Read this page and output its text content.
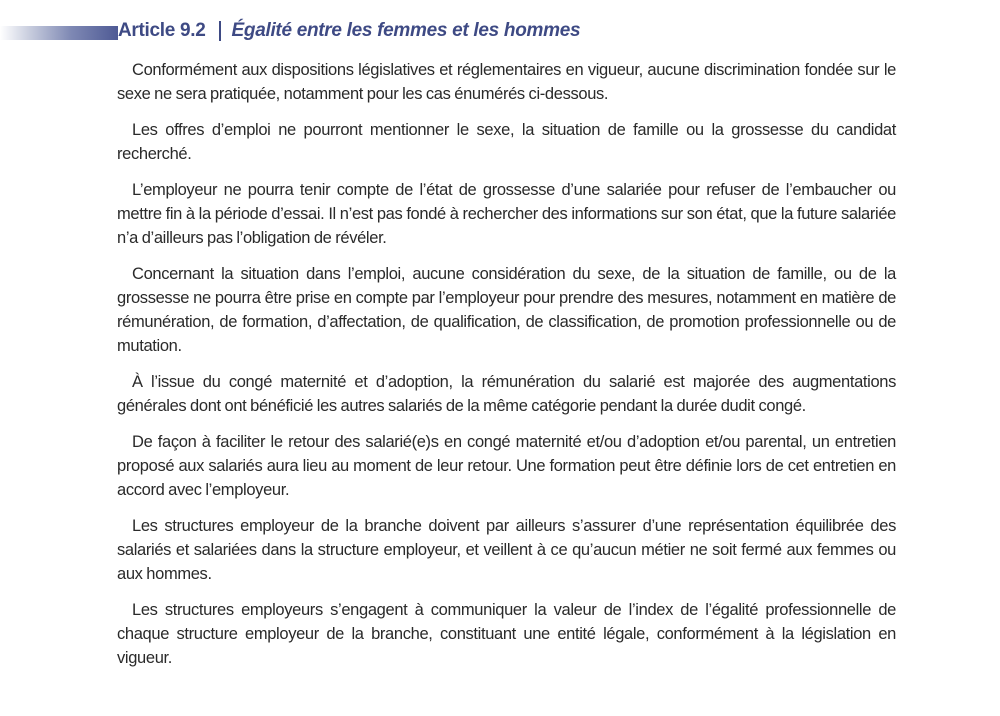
Article 9.2 Égalité entre les femmes et les hommes

Conformément aux dispositions législatives et réglementaires en vigueur, aucune discrimination fondée sur le sexe ne sera pratiquée, notamment pour les cas énumérés ci-dessous.

Les offres d’emploi ne pourront mentionner le sexe, la situation de famille ou la grossesse du candidat recherché.

L’employeur ne pourra tenir compte de l’état de grossesse d’une salariée pour refuser de l’embaucher ou mettre fin à la période d’essai. Il n’est pas fondé à rechercher des informations sur son état, que la future salariée n’a d’ailleurs pas l’obligation de révéler.

Concernant la situation dans l’emploi, aucune considération du sexe, de la situation de famille, ou de la grossesse ne pourra être prise en compte par l’employeur pour prendre des mesures, notamment en matière de rémunération, de formation, d’affectation, de qualification, de classification, de promotion professionnelle ou de mutation.

À l’issue du congé maternité et d’adoption, la rémunération du salarié est majorée des augmentations générales dont ont bénéficié les autres salariés de la même catégorie pendant la durée dudit congé.

De façon à faciliter le retour des salarié(e)s en congé maternité et/ou d’adoption et/ou parental, un entretien proposé aux salariés aura lieu au moment de leur retour. Une formation peut être définie lors de cet entretien en accord avec l’employeur.

Les structures employeur de la branche doivent par ailleurs s’assurer d’une représentation équilibrée des salariés et salariées dans la structure employeur, et veillent à ce qu’aucun métier ne soit fermé aux femmes ou aux hommes.

Les structures employeurs s’engagent à communiquer la valeur de l’index de l’égalité professionnelle de chaque structure employeur de la branche, constituant une entité légale, conformément à la législation en vigueur.
